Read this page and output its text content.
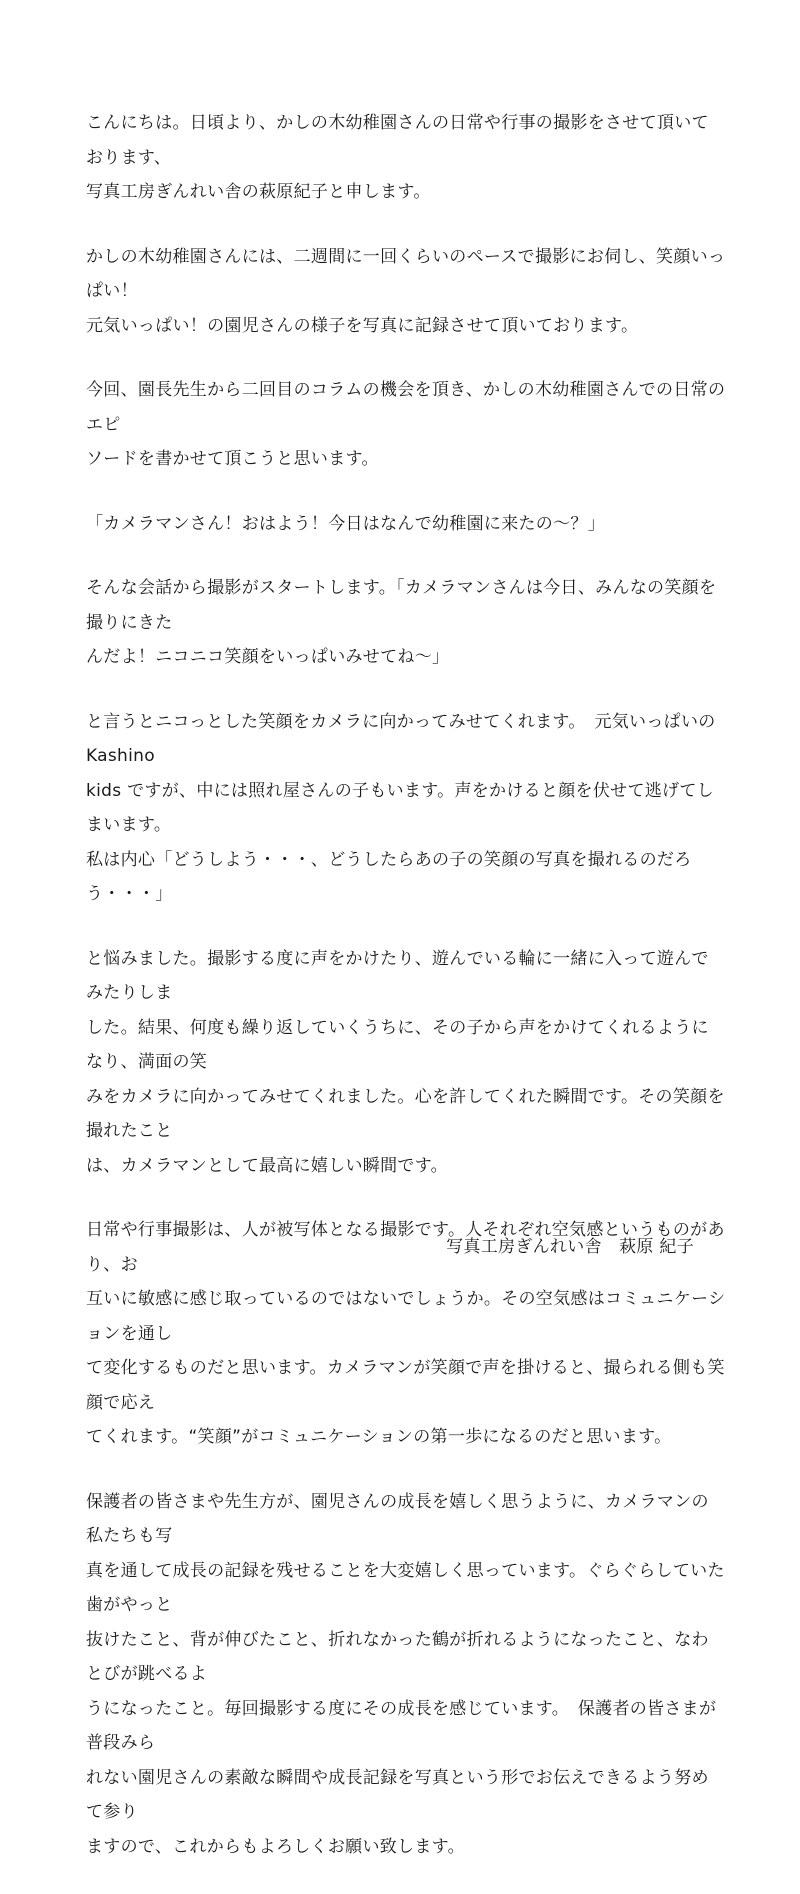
こんにちは。日頃より、かしの木幼稚園さんの日常や行事の撮影をさせて頂いております、
写真工房ぎんれい舎の萩原紀子と申します。

かしの木幼稚園さんには、二週間に一回くらいのペースで撮影にお伺し、笑顔いっぱい！
元気いっぱい！の園児さんの様子を写真に記録させて頂いております。

今回、園長先生から二回目のコラムの機会を頂き、かしの木幼稚園さんでの日常のエピ
ソードを書かせて頂こうと思います。

「カメラマンさん！おはよう！今日はなんで幼稚園に来たの～？」

そんな会話から撮影がスタートします。「カメラマンさんは今日、みんなの笑顔を撮りにきた
んだよ！ニコニコ笑顔をいっぱいみせてね～」

と言うとニコっとした笑顔をカメラに向かってみせてくれます。　元気いっぱいの Kashino
kids ですが、中には照れ屋さんの子もいます。声をかけると顔を伏せて逃げてしまいます。
私は内心「どうしよう・・・、どうしたらあの子の笑顔の写真を撮れるのだろう・・・」

と悩みました。撮影する度に声をかけたり、遊んでいる輪に一緒に入って遊んでみたりしま
した。結果、何度も繰り返していくうちに、その子から声をかけてくれるようになり、満面の笑
みをカメラに向かってみせてくれました。心を許してくれた瞬間です。その笑顔を撮れたこと
は、カメラマンとして最高に嬉しい瞬間です。

日常や行事撮影は、人が被写体となる撮影です。人それぞれ空気感というものがあり、お
互いに敏感に感じ取っているのではないでしょうか。その空気感はコミュニケーションを通し
て変化するものだと思います。カメラマンが笑顔で声を掛けると、撮られる側も笑顔で応え
てくれます。“笑顔”がコミュニケーションの第一歩になるのだと思います。

保護者の皆さまや先生方が、園児さんの成長を嬉しく思うように、カメラマンの私たちも写
真を通して成長の記録を残せることを大変嬉しく思っています。ぐらぐらしていた歯がやっと
抜けたこと、背が伸びたこと、折れなかった鶴が折れるようになったこと、なわとびが跳べるよ
うになったこと。毎回撮影する度にその成長を感じています。　保護者の皆さまが普段みら
れない園児さんの素敵な瞬間や成長記録を写真という形でお伝えできるよう努めて参り
ますので、これからもよろしくお願い致します。

写真工房ぎんれい舎　萩原 紀子
